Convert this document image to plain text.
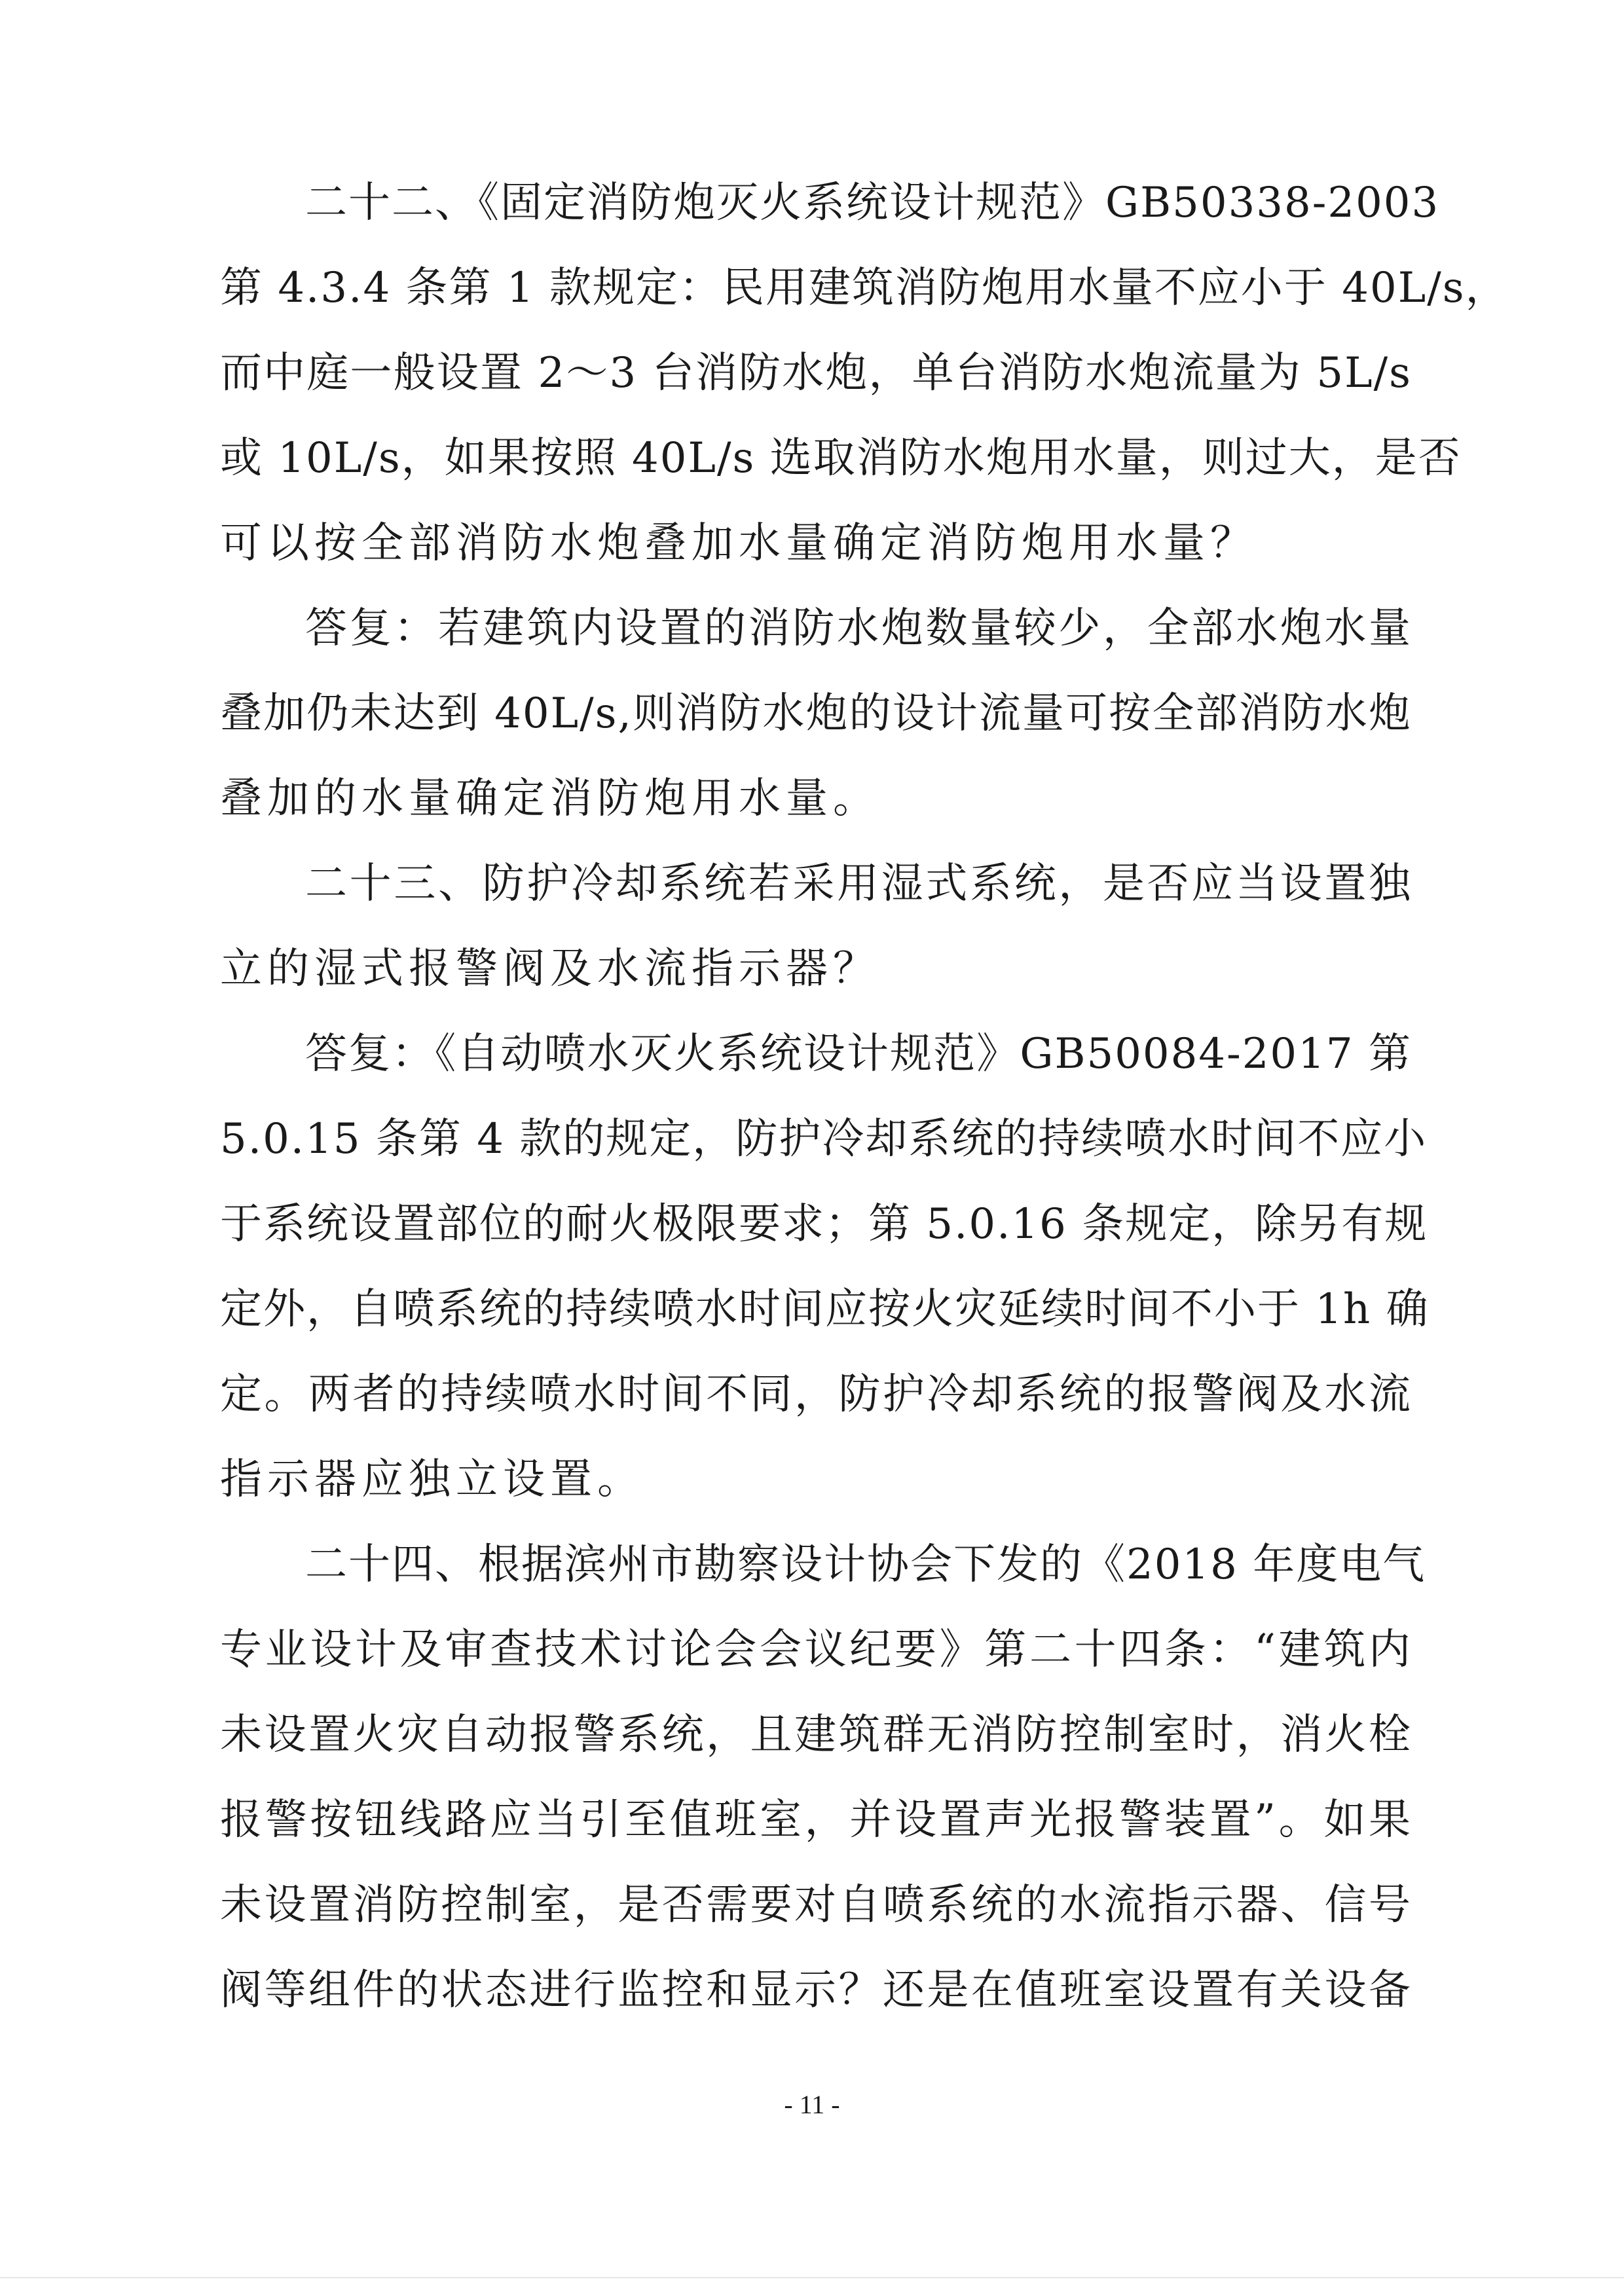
二十二、《固定消防炮灭火系统设计规范》GB50338-2003
第 4.3.4 条第 1 款规定：民用建筑消防炮用水量不应小于 40L/s，
而中庭一般设置 2～3 台消防水炮，单台消防水炮流量为 5L/s
或 10L/s，如果按照 40L/s 选取消防水炮用水量，则过大，是否
可以按全部消防水炮叠加水量确定消防炮用水量？
答复：若建筑内设置的消防水炮数量较少，全部水炮水量
叠加仍未达到 40L/s,则消防水炮的设计流量可按全部消防水炮
叠加的水量确定消防炮用水量。
二十三、防护冷却系统若采用湿式系统，是否应当设置独
立的湿式报警阀及水流指示器？
答复：《自动喷水灭火系统设计规范》GB50084-2017 第
5.0.15 条第 4 款的规定，防护冷却系统的持续喷水时间不应小
于系统设置部位的耐火极限要求；第 5.0.16 条规定，除另有规
定外，自喷系统的持续喷水时间应按火灾延续时间不小于 1h 确
定。两者的持续喷水时间不同，防护冷却系统的报警阀及水流
指示器应独立设置。
二十四、根据滨州市勘察设计协会下发的《2018 年度电气
专业设计及审查技术讨论会会议纪要》第二十四条：“建筑内
未设置火灾自动报警系统，且建筑群无消防控制室时，消火栓
报警按钮线路应当引至值班室，并设置声光报警装置”。如果
未设置消防控制室，是否需要对自喷系统的水流指示器、信号
阀等组件的状态进行监控和显示？还是在值班室设置有关设备
- 11 -
